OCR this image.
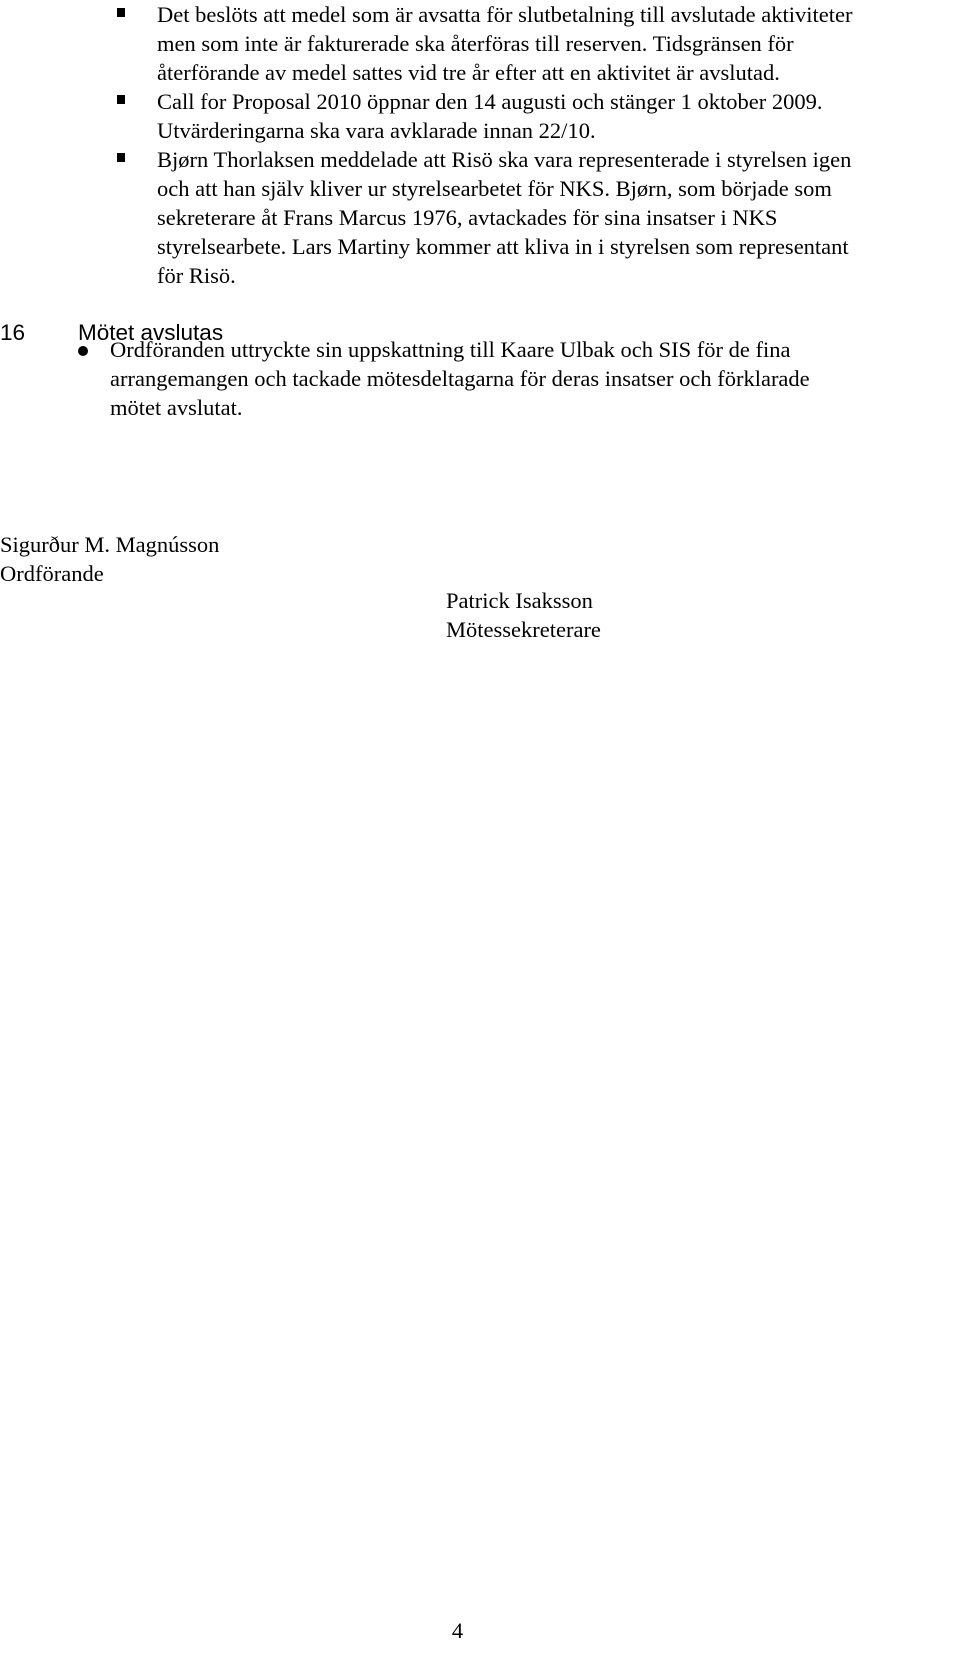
Det beslöts att medel som är avsatta för slutbetalning till avslutade aktiviteter
men som inte är fakturerade ska återföras till reserven. Tidsgränsen för
återförande av medel sattes vid tre år efter att en aktivitet är avslutad.
Call for Proposal 2010 öppnar den 14 augusti och stänger 1 oktober 2009.
Utvärderingarna ska vara avklarade innan 22/10.
Bjørn Thorlaksen meddelade att Risö ska vara representerade i styrelsen igen
och att han själv kliver ur styrelsearbetet för NKS. Bjørn, som började som
sekreterare åt Frans Marcus 1976, avtackades för sina insatser i NKS
styrelsearbete. Lars Martiny kommer att kliva in i styrelsen som representant
för Risö.
16 Mötet avslutas
Ordföranden uttryckte sin uppskattning till Kaare Ulbak och SIS för de fina
arrangemangen och tackade mötesdeltagarna för deras insatser och förklarade
mötet avslutat.
Sigurður M. Magnússon
Ordförande
Patrick Isaksson
Mötessekreterare
4
